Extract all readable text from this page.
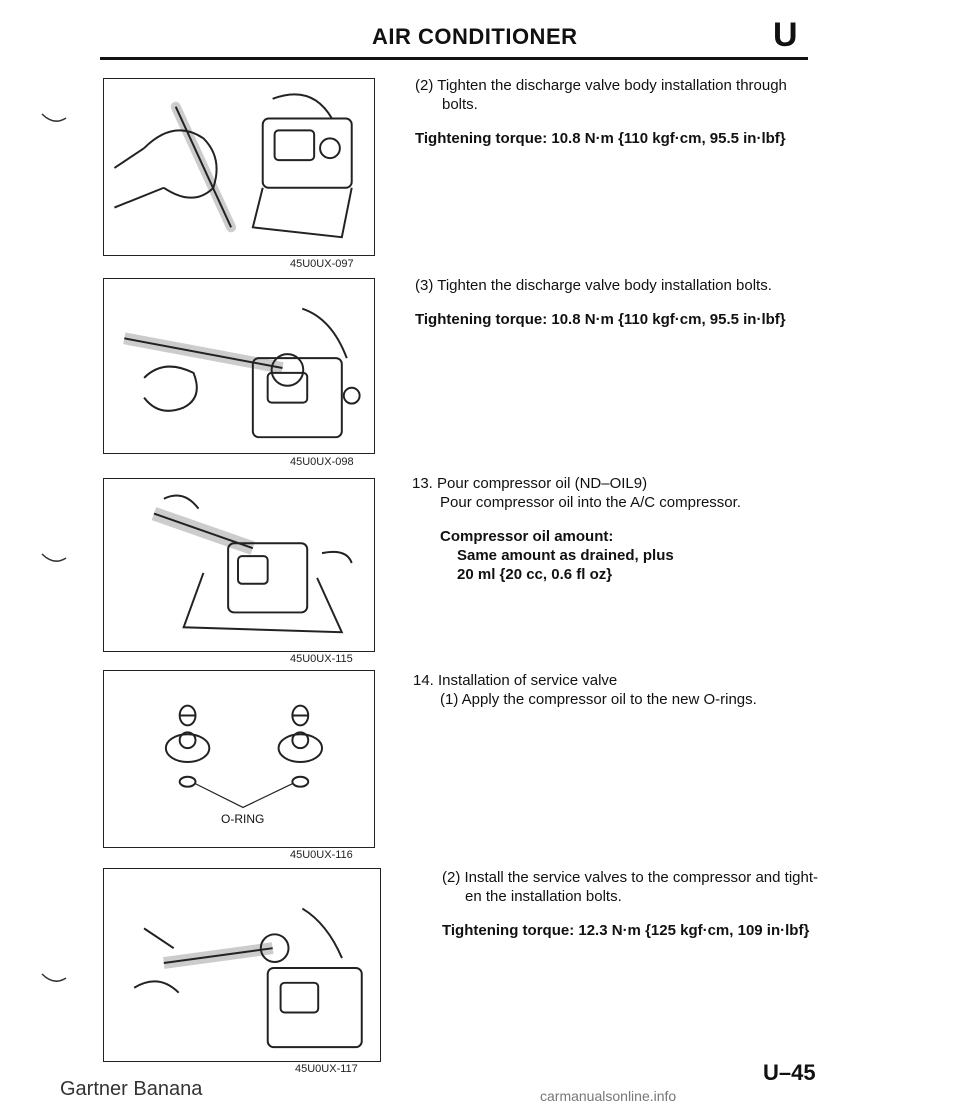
AIR CONDITIONER	U
45U0UX-097
45U0UX-098
45U0UX-115
O-RING
45U0UX-116
45U0UX-117
(2) Tighten the discharge valve body installation through
bolts.
Tightening torque: 10.8 N·m {110 kgf·cm, 95.5 in·lbf}
(3) Tighten the discharge valve body installation bolts.
Tightening torque: 10.8 N·m {110 kgf·cm, 95.5 in·lbf}
13. Pour compressor oil (ND–OIL9)
Pour compressor oil into the A/C compressor.
Compressor oil amount:
Same amount as drained, plus
20 ml {20 cc, 0.6 fl oz}
14. Installation of service valve
(1) Apply the compressor oil to the new O-rings.
(2) Install the service valves to the compressor and tight-
en the installation bolts.
Tightening torque: 12.3 N·m {125 kgf·cm, 109 in·lbf}
Gartner Banana
U–45
carmanualsonline.info
